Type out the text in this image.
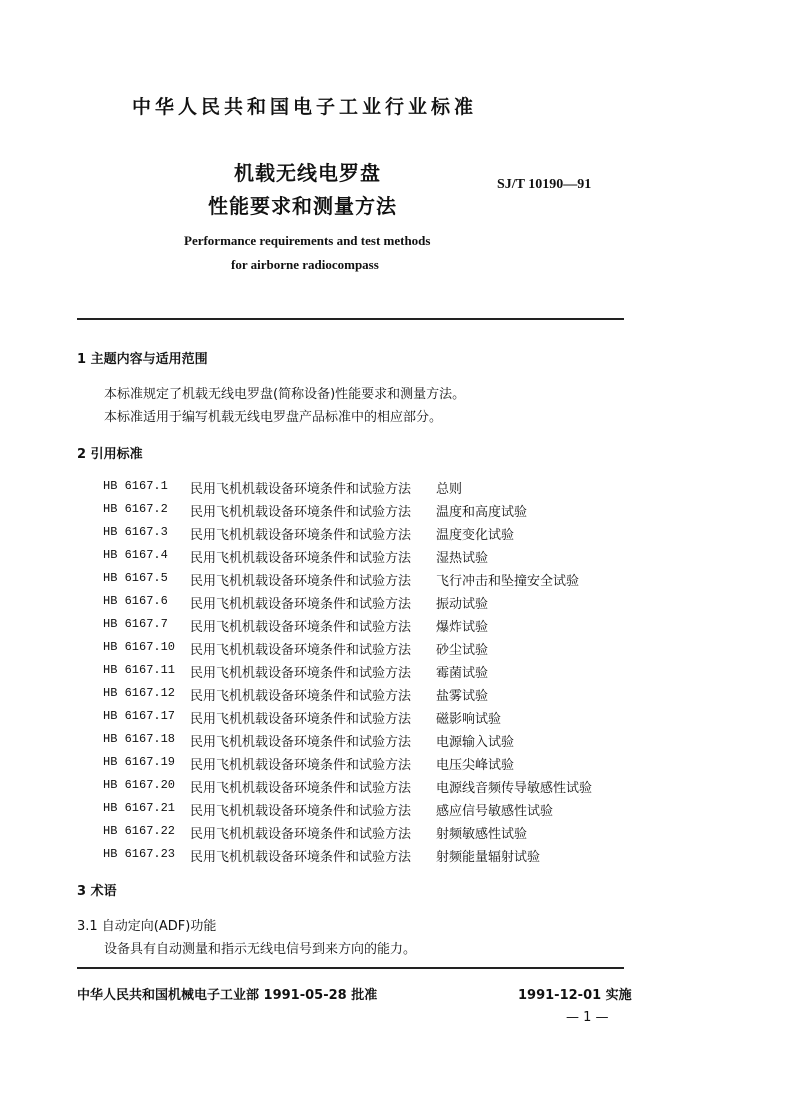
中华人民共和国电子工业行业标准
机载无线电罗盘
性能要求和测量方法
SJ/T 10190—91
Performance requirements and test methods
for airborne radiocompass
1 主题内容与适用范围
本标准规定了机载无线电罗盘(简称设备)性能要求和测量方法。
本标准适用于编写机载无线电罗盘产品标准中的相应部分。
2 引用标准
HB 6167.1 民用飞机机载设备环境条件和试验方法 总则
HB 6167.2 民用飞机机载设备环境条件和试验方法 温度和高度试验
HB 6167.3 民用飞机机载设备环境条件和试验方法 温度变化试验
HB 6167.4 民用飞机机载设备环境条件和试验方法 湿热试验
HB 6167.5 民用飞机机载设备环境条件和试验方法 飞行冲击和坠撞安全试验
HB 6167.6 民用飞机机载设备环境条件和试验方法 振动试验
HB 6167.7 民用飞机机载设备环境条件和试验方法 爆炸试验
HB 6167.10 民用飞机机载设备环境条件和试验方法 砂尘试验
HB 6167.11 民用飞机机载设备环境条件和试验方法 霉菌试验
HB 6167.12 民用飞机机载设备环境条件和试验方法 盐雾试验
HB 6167.17 民用飞机机载设备环境条件和试验方法 磁影响试验
HB 6167.18 民用飞机机载设备环境条件和试验方法 电源输入试验
HB 6167.19 民用飞机机载设备环境条件和试验方法 电压尖峰试验
HB 6167.20 民用飞机机载设备环境条件和试验方法 电源线音频传导敏感性试验
HB 6167.21 民用飞机机载设备环境条件和试验方法 感应信号敏感性试验
HB 6167.22 民用飞机机载设备环境条件和试验方法 射频敏感性试验
HB 6167.23 民用飞机机载设备环境条件和试验方法 射频能量辐射试验
3 术语
3.1 自动定向(ADF)功能
设备具有自动测量和指示无线电信号到来方向的能力。
中华人民共和国机械电子工业部 1991-05-28 批准	1991-12-01 实施
— 1 —
